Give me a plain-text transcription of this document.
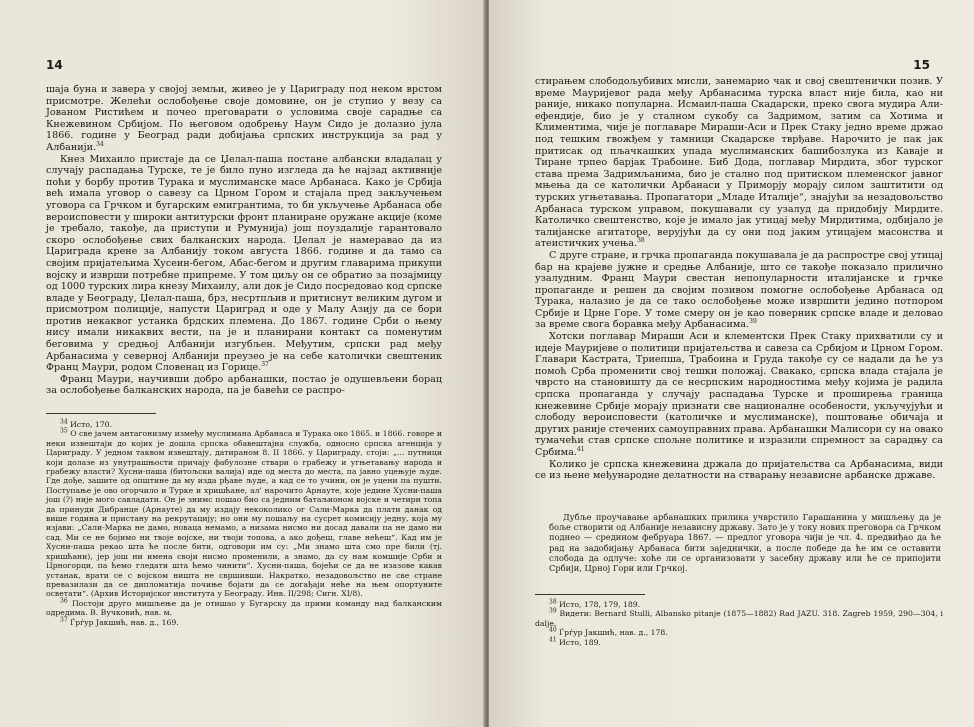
14

шаја буна и завера у својој земљи, живео је у Цариграду под неком врстом присмотре. Желећи ослобођење своје домовине, он је ступио у везу са Јованом Ристићем и почео преговарати о условима своје сарадње са Кнежевином Србијом. По његовом одобрењу Наум Сидо је долазио јула 1866. године у Београд ради добијања српских инструкција за рад у Албанији.$^{34}$

Кнез Михаило пристаје да се Џелал-паша постане албански владалац у случају распадања Турске, те је било пуно изгледа да ће најзад активније поћи у борбу против Турака и муслиманске масе Арбанаса. Како је Србија већ имала уговор о савезу са Црном Гором и стајала пред закључењем уговора са Грчком и бугарским емигрантима, то би укључење Арбанаса обе вероисповести у широки антитурски фронт планиране оружане акције (коме је требало, такође, да приступи и Румунија) још поуздалије гарантовало скоро ослобођење свих балканских народа. Џелал је намеравао да из Цариграда крене за Албанију током августа 1866. године и да тамо са својим пријатељима Хусеин-бегом, Абас-бегом и другим главарима прикупи војску и изврши потребне припреме. У том циљу он се обратио за позајмицу од 1000 турских лира кнезу Михаилу, али док је Сидо посредовао код српске владе у Београду, Џелал-паша, брз, несртпљив и притиснут великим дугом и присмотром полиције, напусти Цариград и оде у Малу Азију да се бори против некаквог устанка брдских племена. До 1867. године Срби о њему нису имали никаквих вести, па је и планирани контакт са поменутим беговима у средњој Албанији изгубљен. Међутим, српски рад међу Арбанасима у северној Албанији преузео је на себе католички свештеник Франц Маури, родом Словенац из Горице.$^{37}$

Франц Маури, научивши добро арбанашки, постао је одушевљени борац за ослобођење балканских народа, па је бавећи се распро-

$^{34}$ Исто, 170.

$^{35}$ О све јачем антагонизму између муслимана Арбанаса и Турака око 1865. и 1866. говоре и неки извештаји до којих је дошла српска обавештајна служба, односно српска агенција у Цариграду. У једном таквом извештају, датираном 8. II 1866. у Цариграду, стоји: „... путници који долазе из унутрашњости причају фабулозне ствари о грабежу и угњетавању народа и грабежу власти? Хусни-паша (битољски валија) иде од места до места, па јавно уцењује људе. Где дође, зашите од општине да му изда рђаве људе, а кад се то учини, он је уцени па пушти. Поступање је ово огорчило и Турке и хришћане, ал' нарочито Арнауте, које једине Хусни-паша још (?) није мого савладати. Он је знимс пошао био са једним батаљионом војске и четири топа да принуди Дибранце (Арнауте) да му издају некоколико ог Сали-Марка да плати данак од више година и пристану на рекрутацију; но они му пошаљу на сусрет комисију једну, која му изјави: „Сали-Марка не дамо, новаца немамо, а низама нисмо ни досад давали па не дамо ни сад. Ми се не бојимо ни твоје војске, ни твоји топова, а ако дођеш, главе нећеш“. Кад им је Хусни-паша рекао шта ће после бити, одговори им су: „Ми знамо шта смо пре били (тј. хришћани), јер још ни имена своји нисмо променили, а знамо, да су нам комшије Срби и Црногорци, па ћемо гледати шта ћемо чинити“. Хусни-паша, бојећи се да не изазове какав устанак, врати се с војском ништа не свршивши. Накратко, незадовољство не све стране превазилази да се дипломатија почиње бојати да се догађаји неће на њем опортуните осветати“. (Архив Историјског института у Београду. Инв. II/298; Сигн. XI/8).

$^{36}$ Постоји друго мишљење да је отишао у Бугарску да прими команду над балканским одредима. В. Вучковић, нав. м.

$^{37}$ Ѓрѓур Јакшић, нав. д., 169.

15

стирањем слободољубивих мисли, занемарио чак и свој свештенички позив. У време Мауријевог рада међу Арбанасима турска власт није била, као ни раније, никако популарна. Исмаил-паша Скадарски, преко свога мудира Али-ефендије, био је у сталном сукобу са Задримом, затим са Хотима и Климентима, чије је поглаваре Мираши-Аси и Прек Стаку једно време држао под тешким гвожђем у тамници Скадарске тврђаве. Нарочито је пак јак притисак од пљачкашких упада муслиманских башибозлука из Каваје и Тиране трпео барјак Трабоине. Биб Дода, поглавар Мирдита, због турског става према Задримљанима, био је стално под притиском племенског јавног мњења да се католички Арбанаси у Приморју морају силом заштитити од турских угњетавања. Пропагатори „Младе Италије“, знајући за незадовољство Арбанаса турском управом, покушавали су узалуд да придобију Мирдите. Католичко свештенство, које је имало јак утицај међу Мирдитима, одбијало је талијанске агитаторе, верујући да су они под јаким утицајем масонства и атеистичких учења.$^{38}$

С друге стране, и грчка пропаганда покушавала је да распростре свој утицај бар на крајеве јужне и средње Албаније, што се такође показало прилично узалудним. Франц Маури свестан непопуларности италијанске и грчке пропаганде и решен да својим позивом помогне ослобођење Арбанаса од Турака, налазио је да се тако ослобођење може извршити једино потпором Србије и Црне Горе. У томе смеру он је као поверник српске владе и деловао за време свога боравка међу Арбанасима.$^{39}$

Хотски поглавар Мираши Аси и клементски Прек Стаку прихватили су и идеје Мауријеве о политици пријатељства и савеза са Србијом и Црном Гором. Главари Кастрата, Триепша, Трабоина и Груда такође су се надали да ће уз помоћ Срба променити свој тешки положај. Свакако, српска влада стајала је чврсто на становишту да се несрпским народностима међу којима је радила српска пропаганда у случају распадања Турске и проширења граница кнежевине Србије морају признати све националне особености, укључујући и слободу вероисповести (католичке и муслиманске), поштовање обичаја и других раније стечених самоуправних права. Арбанашки Малисори су на овако тумачећи став српске спољне политике и изразили спремност за сарадњу са Србима.$^{41}$

Колико је српска кнежевина држала до пријатељства са Арбанасима, види се из њене међународне делатности на стварању независне арбанске државе.

Дубље проучавање арбанашких прилика учврстило Гарашанина у мишљењу да је боље створити од Албаније независну државу. Зато је у току нових преговора са Грчком поднео — средином фебруара 1867. — предлог уговора чији је чл. 4. предвиђао да ће рад на задобијању Арбанаса бити заједнички, а после победе да ће им се оставити слобода да одлуче: хоће ли се организовати у засебну државу или ће се припојити Србији, Црној Гори или Грчкој.

$^{38}$ Исто, 178, 179, 189.

$^{39}$ Видети: Bernard Stulli, Albansko pitanje (1875—1882) Rad JAZU. 318. Zagreb 1959, 290—304, i dalje.

$^{40}$ Ѓрѓур Јакшић, нав. д., 178.

$^{41}$ Исто, 189.
